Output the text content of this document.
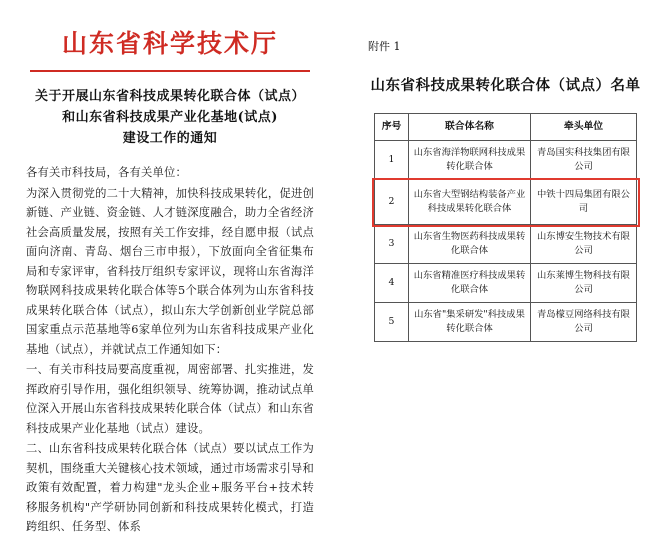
山东省科学技术厅
关于开展山东省科技成果转化联合体（试点）
和山东省科技成果产业化基地(试点)
建设工作的通知

各有关市科技局，各有关单位：

为深入贯彻党的二十大精神，加快科技成果转化，促进创新链、产业链、资金链、人才链深度融合，助力全省经济社会高质量发展，按照有关工作安排，经自愿申报（试点面向济南、青岛、烟台三市申报），下放面向全省征集布局和专家评审，省科技厅组织专家评议，现将山东省海洋物联网科技成果转化联合体等5个联合体列为山东省科技成果转化联合体（试点），拟山东大学创新创业学院总部国家重点示范基地等6家单位列为山东省科技成果产业化基地（试点），并就试点工作通知如下：

一、有关市科技局要高度重视，周密部署、扎实推进，发挥政府引导作用，强化组织领导、统筹协调，推动试点单位深入开展山东省科技成果转化联合体（试点）和山东省科技成果产业化基地（试点）建设。

二、山东省科技成果转化联合体（试点）要以试点工作为契机，围绕重大关键核心技术领域，通过市场需求引导和政策有效配置，着力构建"龙头企业+服务平台+技术转移服务机构"产学研协同创新和科技成果转化模式，打造跨组织、任务型、体系

附件 1
山东省科技成果转化联合体（试点）名单
序号	联合体名称	牵头单位
1	山东省海洋物联网科技成果转化联合体	青岛国实科技集团有限公司
2	山东省大型钢结构装备产业科技成果转化联合体	中铁十四局集团有限公司
3	山东省生物医药科技成果转化联合体	山东博安生物技术有限公司
4	山东省精准医疗科技成果转化联合体	山东莱博生物科技有限公司
5	山东省"集采研发"科技成果转化联合体	青岛檬豆网络科技有限公司
